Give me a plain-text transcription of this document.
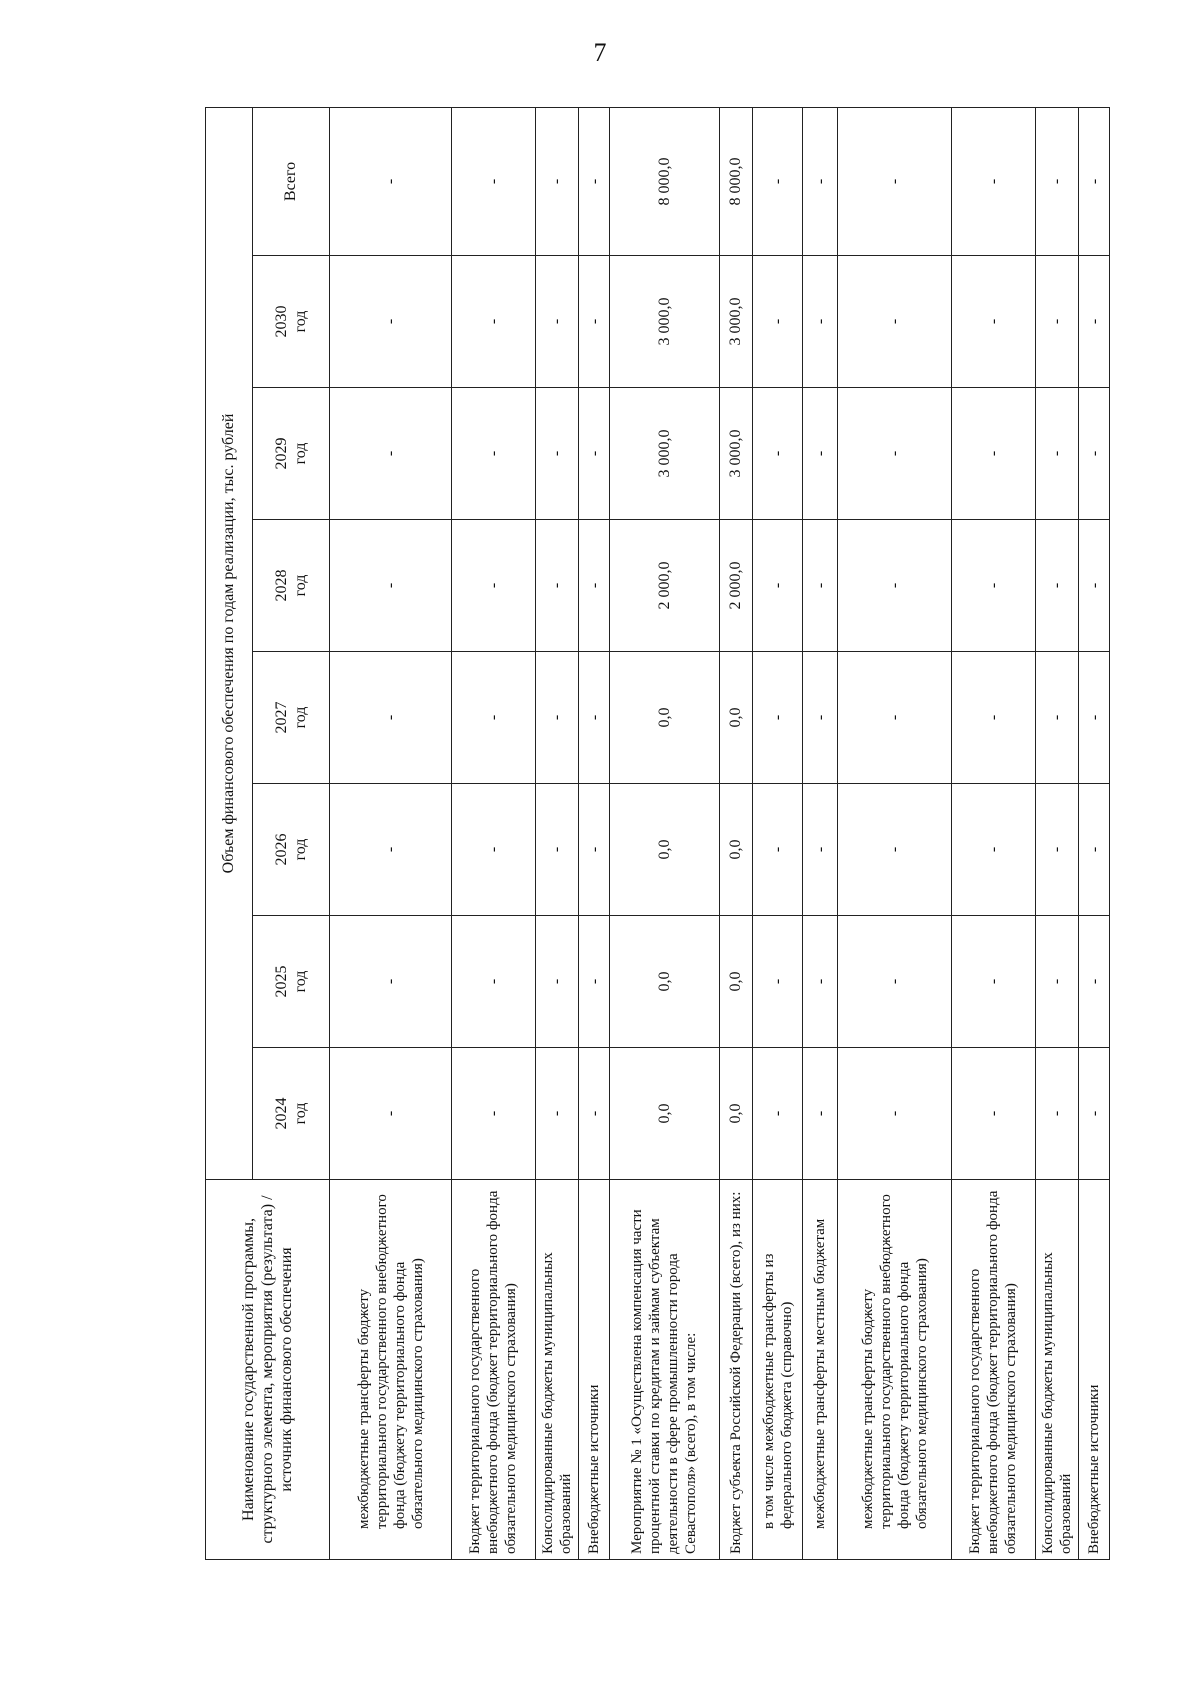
7
Наименование государственной программы, структурного элемента, мероприятия (результата) / источник финансового обеспечения	Объем финансового обеспечения по годам реализации, тыс. рублей							

	2024 год	2025 год	2026 год	2027 год	2028 год	2029 год	2030 год	Всего
межбюджетные трансферты бюджету территориального государственного внебюджетного фонда (бюджету территориального фонда обязательного медицинского страхования)	-	-	-	-	-	-	-	-
Бюджет территориального государственного внебюджетного фонда (бюджет территориального фонда обязательного медицинского страхования)	-	-	-	-	-	-	-	-
Консолидированные бюджеты муниципальных образований	-	-	-	-	-	-	-	-
Внебюджетные источники	-	-	-	-	-	-	-	-
Мероприятие № 1 «Осуществлена компенсация части процентной ставки по кредитам и займам субъектам деятельности в сфере промышленности города Севастополя» (всего), в том числе:	0,0	0,0	0,0	0,0	2 000,0	3 000,0	3 000,0	8 000,0
Бюджет субъекта Российской Федерации (всего), из них:	0,0	0,0	0,0	0,0	2 000,0	3 000,0	3 000,0	8 000,0
в том числе межбюджетные трансферты из федерального бюджета (справочно)	-	-	-	-	-	-	-	-
межбюджетные трансферты местным бюджетам	-	-	-	-	-	-	-	-
межбюджетные трансферты бюджету территориального государственного внебюджетного фонда (бюджету территориального фонда обязательного медицинского страхования)	-	-	-	-	-	-	-	-
Бюджет территориального государственного внебюджетного фонда (бюджет территориального фонда обязательного медицинского страхования)	-	-	-	-	-	-	-	-
Консолидированные бюджеты муниципальных образований	-	-	-	-	-	-	-	-
Внебюджетные источники	-	-	-	-	-	-	-	-
